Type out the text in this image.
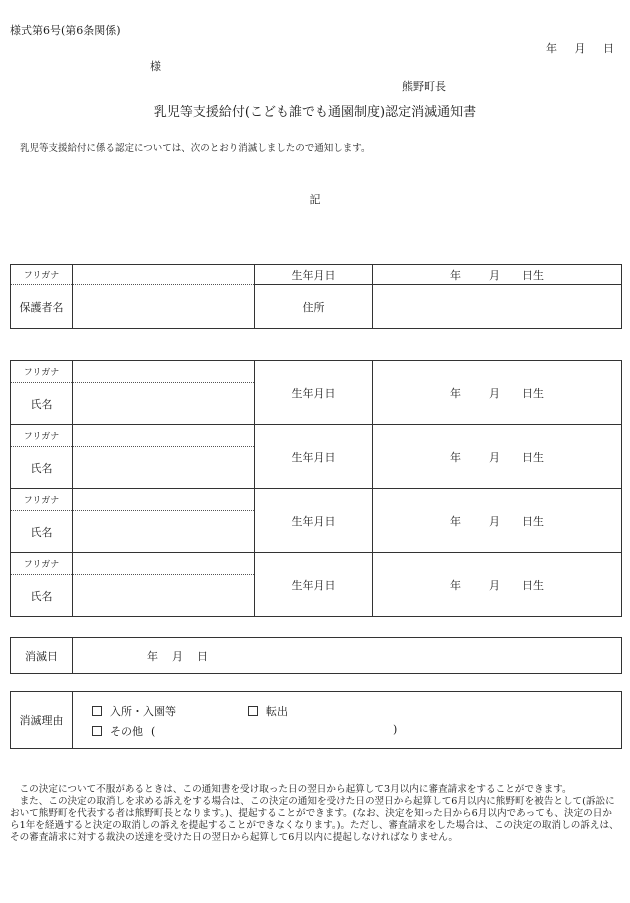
様式第6号(第6条関係)
年 月 日
様
熊野町長
乳児等支援給付(こども誰でも通園制度)認定消滅通知書
乳児等支援給付に係る認定については、次のとおり消滅しましたので通知します。
記
フリガナ		生年月日	年 月 日生
保護者名		住所	
フリガナ		生年月日	年 月 日生
氏名			
フリガナ		生年月日	年 月 日生
氏名			
フリガナ		生年月日	年 月 日生
氏名			
フリガナ		生年月日	年 月 日生
氏名			
消滅日	年 月 日
消滅理由	
入所・入園等	転出
その他 (	)

この決定について不服があるときは、この通知書を受け取った日の翌日から起算して3月以内に審査請求をすることができます。

また、この決定の取消しを求める訴えをする場合は、この決定の通知を受けた日の翌日から起算して6月以内に熊野町を被告として(訴訟において熊野町を代表する者は熊野町長となります。)、提起することができます。(なお、決定を知った日から6月以内であっても、決定の日から1年を経過すると決定の取消しの訴えを提起することができなくなります。)。ただし、審査請求をした場合は、この決定の取消しの訴えは、その審査請求に対する裁決の送達を受けた日の翌日から起算して6月以内に提起しなければなりません。
